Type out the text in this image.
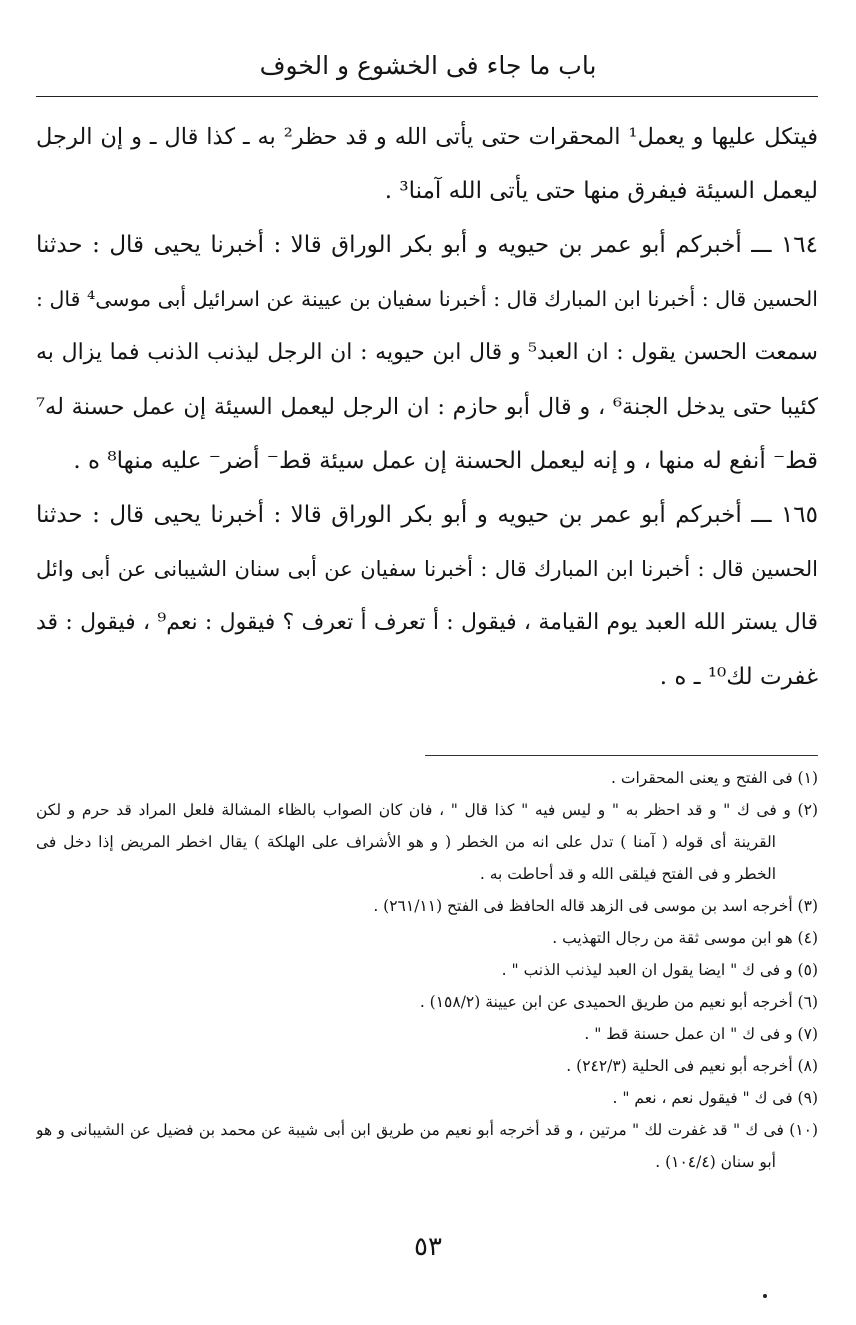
باب ما جاء فى الخشوع و الخوف
فيتكل عليها و يعمل¹ المحقرات حتى يأتى الله و قد حظر² به ـ كذا قال ـ و إن الرجل
ليعمل السيئة فيفرق منها حتى يأتى الله آمنا³ .
١٦٤ ـــ أخبركم أبو عمر بن حيويه و أبو بكر الوراق قالا : أخبرنا يحيى قال : حدثنا
الحسين قال : أخبرنا ابن المبارك قال : أخبرنا سفيان بن عيينة عن اسرائيل أبى موسى⁴ قال :
سمعت الحسن يقول : ان العبد⁵ و قال ابن حيويه : ان الرجل ليذنب الذنب فما يزال به
كئيبا حتى يدخل الجنة⁶ ، و قال أبو حازم : ان الرجل ليعمل السيئة إن عمل حسنة له⁷
قط⁻ أنفع له منها ، و إنه ليعمل الحسنة إن عمل سيئة قط⁻ أضر⁻ عليه منها⁸ ه .
١٦٥ ـــ أخبركم أبو عمر بن حيويه و أبو بكر الوراق قالا : أخبرنا يحيى قال : حدثنا
الحسين قال : أخبرنا ابن المبارك قال : أخبرنا سفيان عن أبى سنان الشيبانى عن أبى وائل
قال يستر الله العبد يوم القيامة ، فيقول : أ تعرف أ تعرف ؟ فيقول : نعم⁹ ، فيقول : قد
غفرت لك¹⁰ ـ ه .
(١) فى الفتح و يعنى المحقرات .
(٢) و فى ك " و قد احظر به " و ليس فيه " كذا قال " ، فان كان الصواب بالظاء المشالة فلعل المراد قد حرم و لكن
القرينة أى قوله ( آمنا ) تدل على انه من الخطر ( و هو الأشراف على الهلكة ) يقال اخطر المريض إذا دخل فى
الخطر و فى الفتح فيلقى الله و قد أحاطت به .
(٣) أخرجه اسد بن موسى فى الزهد قاله الحافظ فى الفتح (٢٦١/١١) .
(٤) هو ابن موسى ثقة من رجال التهذيب .
(٥) و فى ك " ايضا يقول ان العبد ليذنب الذنب " .
(٦) أخرجه أبو نعيم من طريق الحميدى عن ابن عيينة (١٥٨/٢) .
(٧) و فى ك " ان عمل حسنة قط " .
(٨) أخرجه أبو نعيم فى الحلية (٢٤٢/٣) .
(٩) فى ك " فيقول نعم ، نعم " .
(١٠) فى ك " قد غفرت لك " مرتين ، و قد أخرجه أبو نعيم من طريق ابن أبى شيبة عن محمد بن فضيل عن الشيبانى و هو
أبو سنان (١٠٤/٤) .
٥٣
